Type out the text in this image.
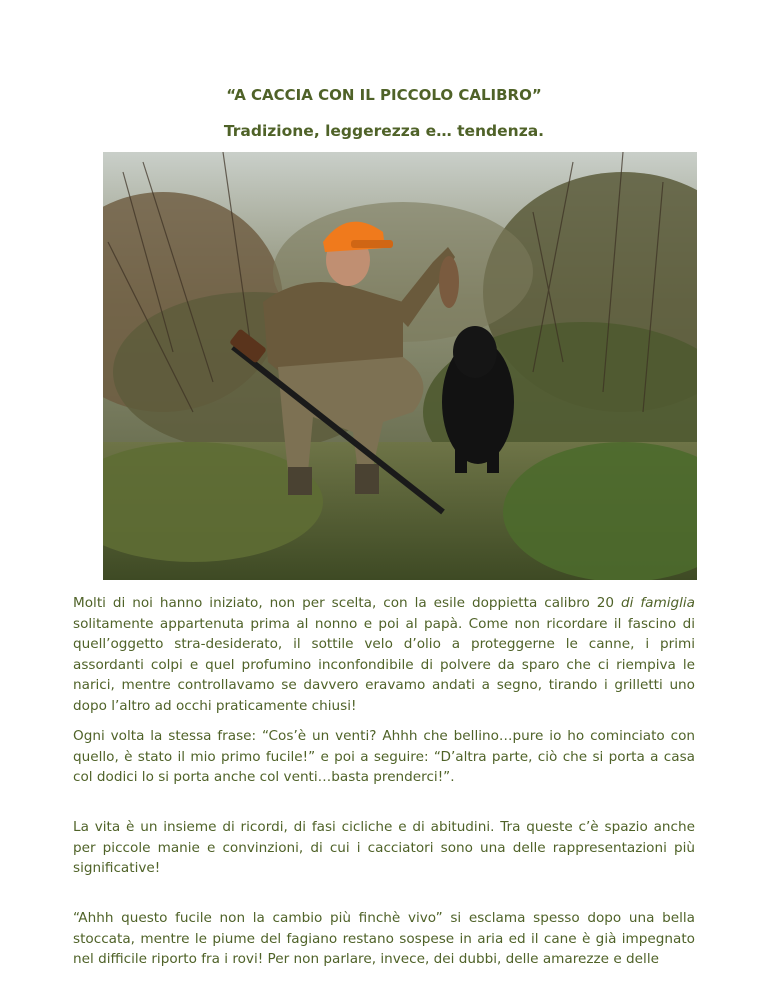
“A CACCIA CON IL PICCOLO CALIBRO”
Tradizione, leggerezza e… tendenza.

Molti di noi hanno iniziato, non per scelta, con la esile doppietta calibro 20 di famiglia solitamente appartenuta prima al nonno e poi al papà. Come non ricordare il fascino di quell’oggetto stra-desiderato, il sottile velo d’olio a proteggerne le canne, i primi assordanti colpi e quel profumino inconfondibile di polvere da sparo che ci riempiva le narici, mentre controllavamo se davvero eravamo andati a segno, tirando i grilletti uno dopo l’altro ad occhi praticamente chiusi!

Ogni volta la stessa frase: “Cos’è un venti? Ahhh che bellino…pure io ho cominciato con quello, è stato il mio primo fucile!” e poi a seguire: “D’altra parte, ciò che si porta a casa col dodici lo si porta anche col venti…basta prenderci!”.

La vita è un insieme di ricordi, di fasi cicliche e di abitudini. Tra queste c’è spazio anche per piccole manie e convinzioni, di cui i cacciatori sono una delle rappresentazioni più significative!

“Ahhh questo fucile non la cambio più finchè vivo” si esclama spesso dopo una bella stoccata, mentre le piume del fagiano restano sospese in aria ed il cane è già impegnato nel difficile riporto fra i rovi! Per non parlare, invece, dei dubbi, delle amarezze e delle
